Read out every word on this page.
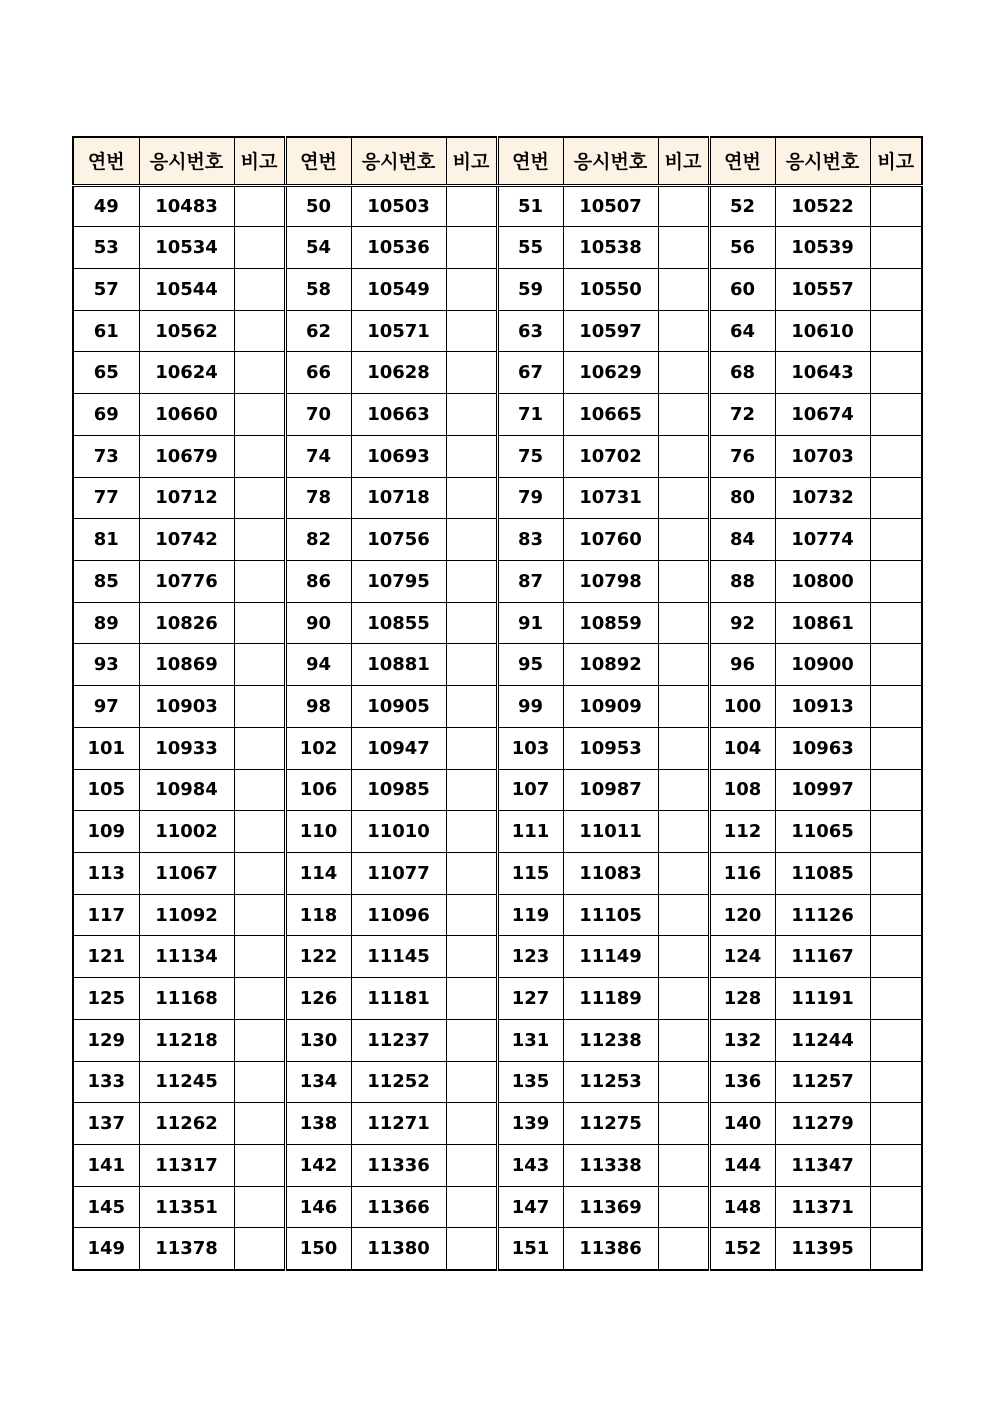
연번	응시번호	비고	연번	응시번호	비고	연번	응시번호	비고	연번	응시번호	비고
49	10483		50	10503		51	10507		52	10522	
53	10534		54	10536		55	10538		56	10539	
57	10544		58	10549		59	10550		60	10557	
61	10562		62	10571		63	10597		64	10610	
65	10624		66	10628		67	10629		68	10643	
69	10660		70	10663		71	10665		72	10674	
73	10679		74	10693		75	10702		76	10703	
77	10712		78	10718		79	10731		80	10732	
81	10742		82	10756		83	10760		84	10774	
85	10776		86	10795		87	10798		88	10800	
89	10826		90	10855		91	10859		92	10861	
93	10869		94	10881		95	10892		96	10900	
97	10903		98	10905		99	10909		100	10913	
101	10933		102	10947		103	10953		104	10963	
105	10984		106	10985		107	10987		108	10997	
109	11002		110	11010		111	11011		112	11065	
113	11067		114	11077		115	11083		116	11085	
117	11092		118	11096		119	11105		120	11126	
121	11134		122	11145		123	11149		124	11167	
125	11168		126	11181		127	11189		128	11191	
129	11218		130	11237		131	11238		132	11244	
133	11245		134	11252		135	11253		136	11257	
137	11262		138	11271		139	11275		140	11279	
141	11317		142	11336		143	11338		144	11347	
145	11351		146	11366		147	11369		148	11371	
149	11378		150	11380		151	11386		152	11395	
